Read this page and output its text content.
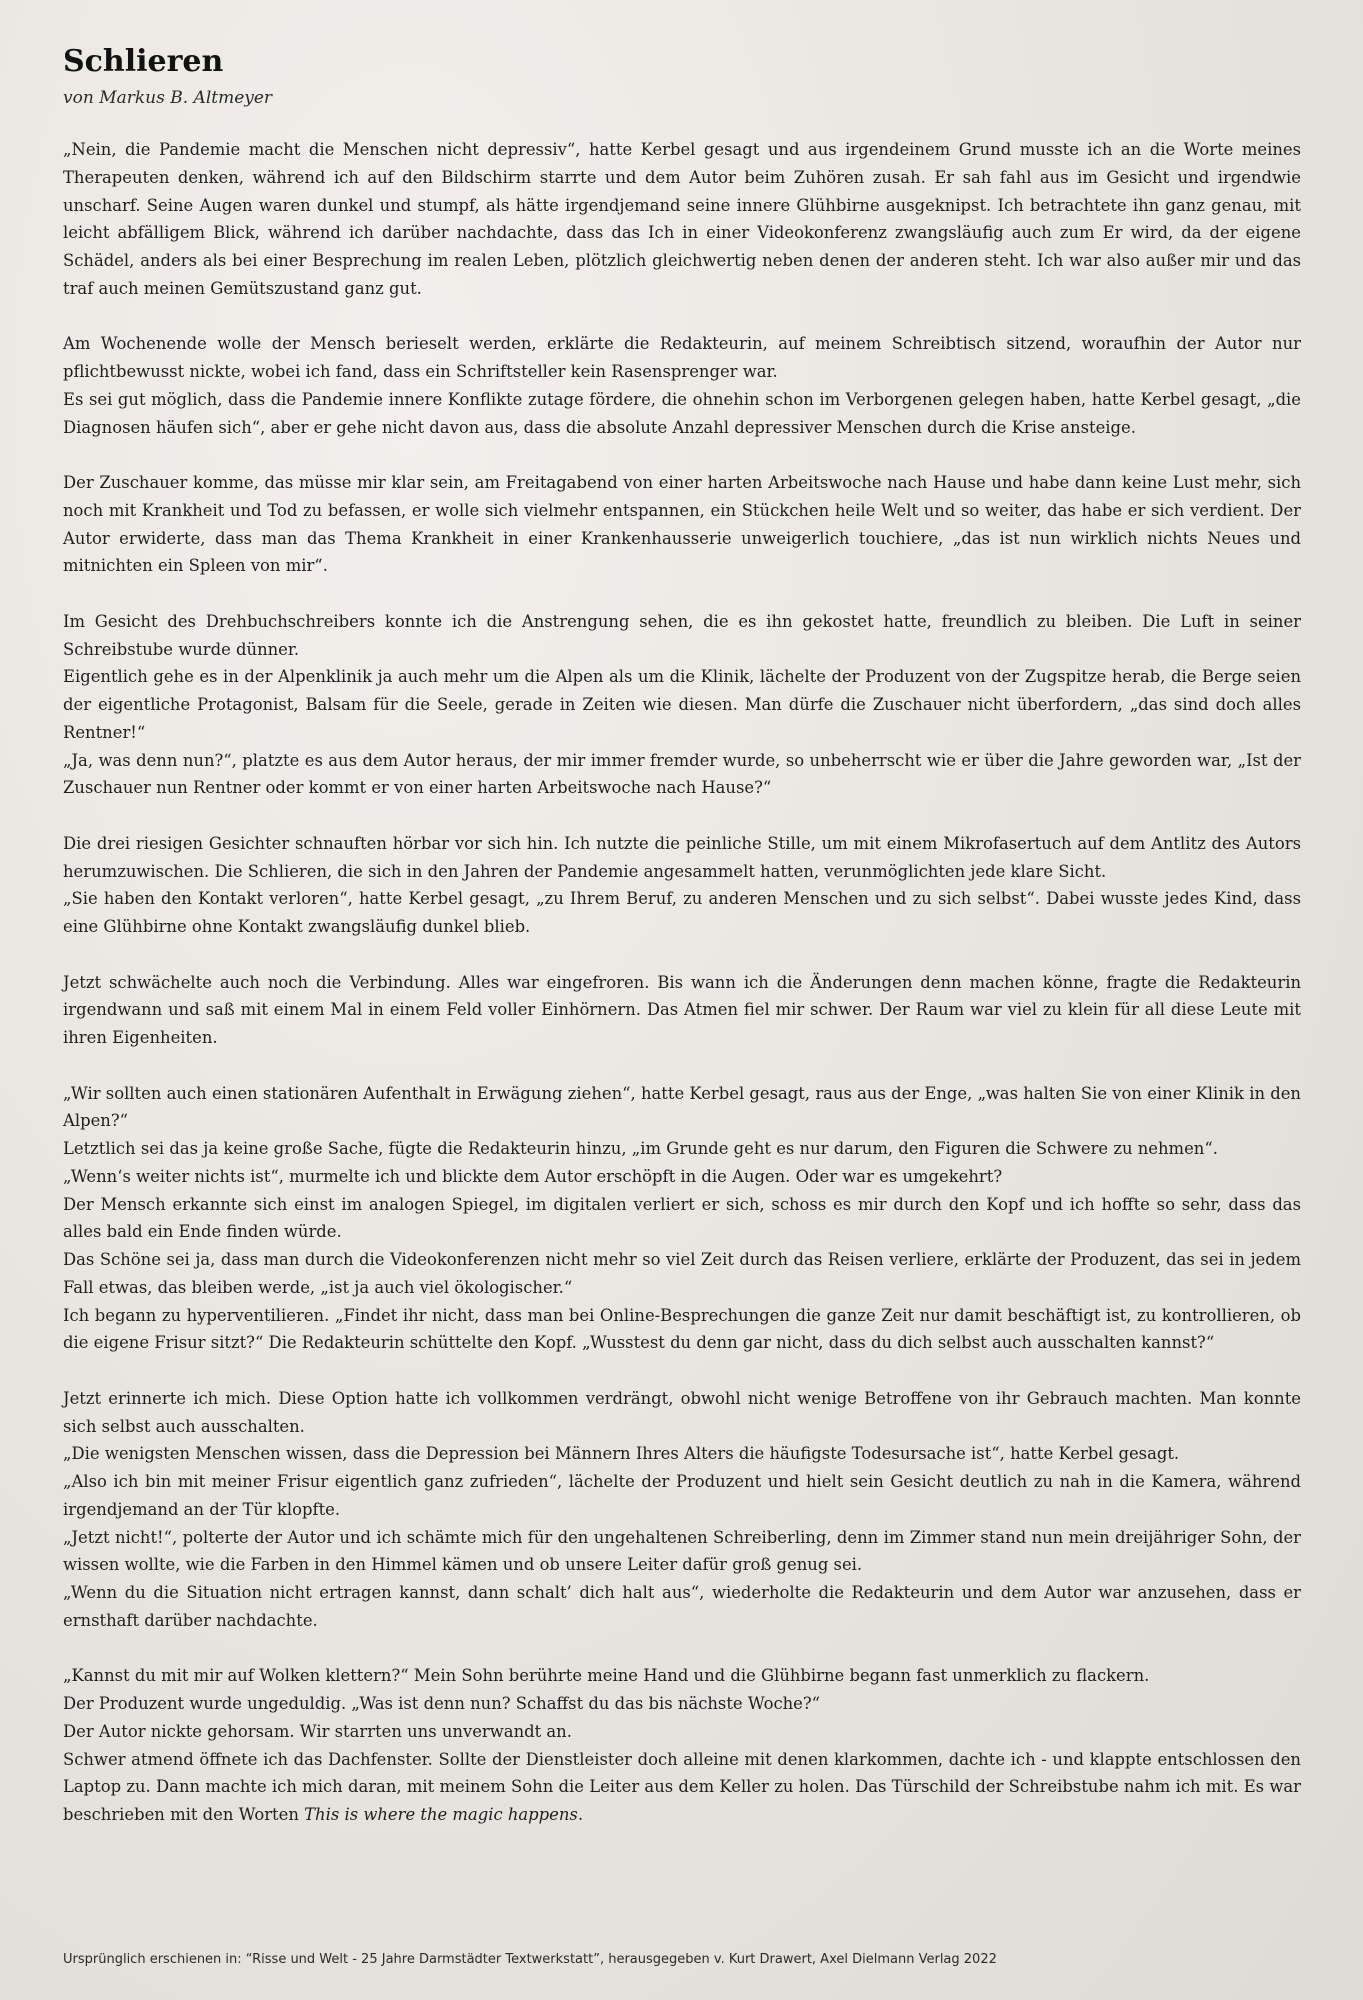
Schlieren

von Markus B. Altmeyer

„Nein, die Pandemie macht die Menschen nicht depressiv“, hatte Kerbel gesagt und aus irgendeinem Grund musste ich an die Worte meines Therapeuten denken, während ich auf den Bildschirm starrte und dem Autor beim Zuhören zusah. Er sah fahl aus im Gesicht und irgendwie unscharf. Seine Augen waren dunkel und stumpf, als hätte irgendjemand seine innere Glühbirne ausgeknipst. Ich betrachtete ihn ganz genau, mit leicht abfälligem Blick, während ich darüber nachdachte, dass das Ich in einer Videokonferenz zwangsläufig auch zum Er wird, da der eigene Schädel, anders als bei einer Besprechung im realen Leben, plötzlich gleichwertig neben denen der anderen steht. Ich war also außer mir und das traf auch meinen Gemütszustand ganz gut.

Am Wochenende wolle der Mensch berieselt werden, erklärte die Redakteurin, auf meinem Schreibtisch sitzend, woraufhin der Autor nur pflichtbewusst nickte, wobei ich fand, dass ein Schriftsteller kein Rasensprenger war.

Es sei gut möglich, dass die Pandemie innere Konflikte zutage fördere, die ohnehin schon im Verborgenen gelegen haben, hatte Kerbel gesagt, „die Diagnosen häufen sich“, aber er gehe nicht davon aus, dass die absolute Anzahl depressiver Menschen durch die Krise ansteige.

Der Zuschauer komme, das müsse mir klar sein, am Freitagabend von einer harten Arbeitswoche nach Hause und habe dann keine Lust mehr, sich noch mit Krankheit und Tod zu befassen, er wolle sich vielmehr entspannen, ein Stückchen heile Welt und so weiter, das habe er sich verdient. Der Autor erwiderte, dass man das Thema Krankheit in einer Krankenhausserie unweigerlich touchiere, „das ist nun wirklich nichts Neues und mitnichten ein Spleen von mir“.

Im Gesicht des Drehbuchschreibers konnte ich die Anstrengung sehen, die es ihn gekostet hatte, freundlich zu bleiben. Die Luft in seiner Schreibstube wurde dünner.

Eigentlich gehe es in der Alpenklinik ja auch mehr um die Alpen als um die Klinik, lächelte der Produzent von der Zugspitze herab, die Berge seien der eigentliche Protagonist, Balsam für die Seele, gerade in Zeiten wie diesen. Man dürfe die Zuschauer nicht überfordern, „das sind doch alles Rentner!“

„Ja, was denn nun?“, platzte es aus dem Autor heraus, der mir immer fremder wurde, so unbeherrscht wie er über die Jahre geworden war, „Ist der Zuschauer nun Rentner oder kommt er von einer harten Arbeitswoche nach Hause?“

Die drei riesigen Gesichter schnauften hörbar vor sich hin. Ich nutzte die peinliche Stille, um mit einem Mikrofasertuch auf dem Antlitz des Autors herumzuwischen. Die Schlieren, die sich in den Jahren der Pandemie angesammelt hatten, verunmöglichten jede klare Sicht.

„Sie haben den Kontakt verloren“, hatte Kerbel gesagt, „zu Ihrem Beruf, zu anderen Menschen und zu sich selbst“. Dabei wusste jedes Kind, dass eine Glühbirne ohne Kontakt zwangsläufig dunkel blieb.

Jetzt schwächelte auch noch die Verbindung. Alles war eingefroren. Bis wann ich die Änderungen denn machen könne, fragte die Redakteurin irgendwann und saß mit einem Mal in einem Feld voller Einhörnern. Das Atmen fiel mir schwer. Der Raum war viel zu klein für all diese Leute mit ihren Eigenheiten.

„Wir sollten auch einen stationären Aufenthalt in Erwägung ziehen“, hatte Kerbel gesagt, raus aus der Enge, „was halten Sie von einer Klinik in den Alpen?“

Letztlich sei das ja keine große Sache, fügte die Redakteurin hinzu, „im Grunde geht es nur darum, den Figuren die Schwere zu nehmen“.

„Wenn‘s weiter nichts ist“, murmelte ich und blickte dem Autor erschöpft in die Augen. Oder war es umgekehrt?

Der Mensch erkannte sich einst im analogen Spiegel, im digitalen verliert er sich, schoss es mir durch den Kopf und ich hoffte so sehr, dass das alles bald ein Ende finden würde.

Das Schöne sei ja, dass man durch die Videokonferenzen nicht mehr so viel Zeit durch das Reisen verliere, erklärte der Produzent, das sei in jedem Fall etwas, das bleiben werde, „ist ja auch viel ökologischer.“

Ich begann zu hyperventilieren. „Findet ihr nicht, dass man bei Online-Besprechungen die ganze Zeit nur damit beschäftigt ist, zu kontrollieren, ob die eigene Frisur sitzt?“ Die Redakteurin schüttelte den Kopf. „Wusstest du denn gar nicht, dass du dich selbst auch ausschalten kannst?“

Jetzt erinnerte ich mich. Diese Option hatte ich vollkommen verdrängt, obwohl nicht wenige Betroffene von ihr Gebrauch machten. Man konnte sich selbst auch ausschalten.

„Die wenigsten Menschen wissen, dass die Depression bei Männern Ihres Alters die häufigste Todesursache ist“, hatte Kerbel gesagt.

„Also ich bin mit meiner Frisur eigentlich ganz zufrieden“, lächelte der Produzent und hielt sein Gesicht deutlich zu nah in die Kamera, während irgendjemand an der Tür klopfte.

„Jetzt nicht!“, polterte der Autor und ich schämte mich für den ungehaltenen Schreiberling, denn im Zimmer stand nun mein dreijähriger Sohn, der wissen wollte, wie die Farben in den Himmel kämen und ob unsere Leiter dafür groß genug sei.

„Wenn du die Situation nicht ertragen kannst, dann schalt’ dich halt aus“, wiederholte die Redakteurin und dem Autor war anzusehen, dass er ernsthaft darüber nachdachte.

„Kannst du mit mir auf Wolken klettern?“ Mein Sohn berührte meine Hand und die Glühbirne begann fast unmerklich zu flackern.

Der Produzent wurde ungeduldig. „Was ist denn nun? Schaffst du das bis nächste Woche?“

Der Autor nickte gehorsam. Wir starrten uns unverwandt an.

Schwer atmend öffnete ich das Dachfenster. Sollte der Dienstleister doch alleine mit denen klarkommen, dachte ich - und klappte entschlossen den Laptop zu. Dann machte ich mich daran, mit meinem Sohn die Leiter aus dem Keller zu holen. Das Türschild der Schreibstube nahm ich mit. Es war beschrieben mit den Worten This is where the magic happens.

Ursprünglich erschienen in: “Risse und Welt - 25 Jahre Darmstädter Textwerkstatt”, herausgegeben v. Kurt Drawert, Axel Dielmann Verlag 2022
